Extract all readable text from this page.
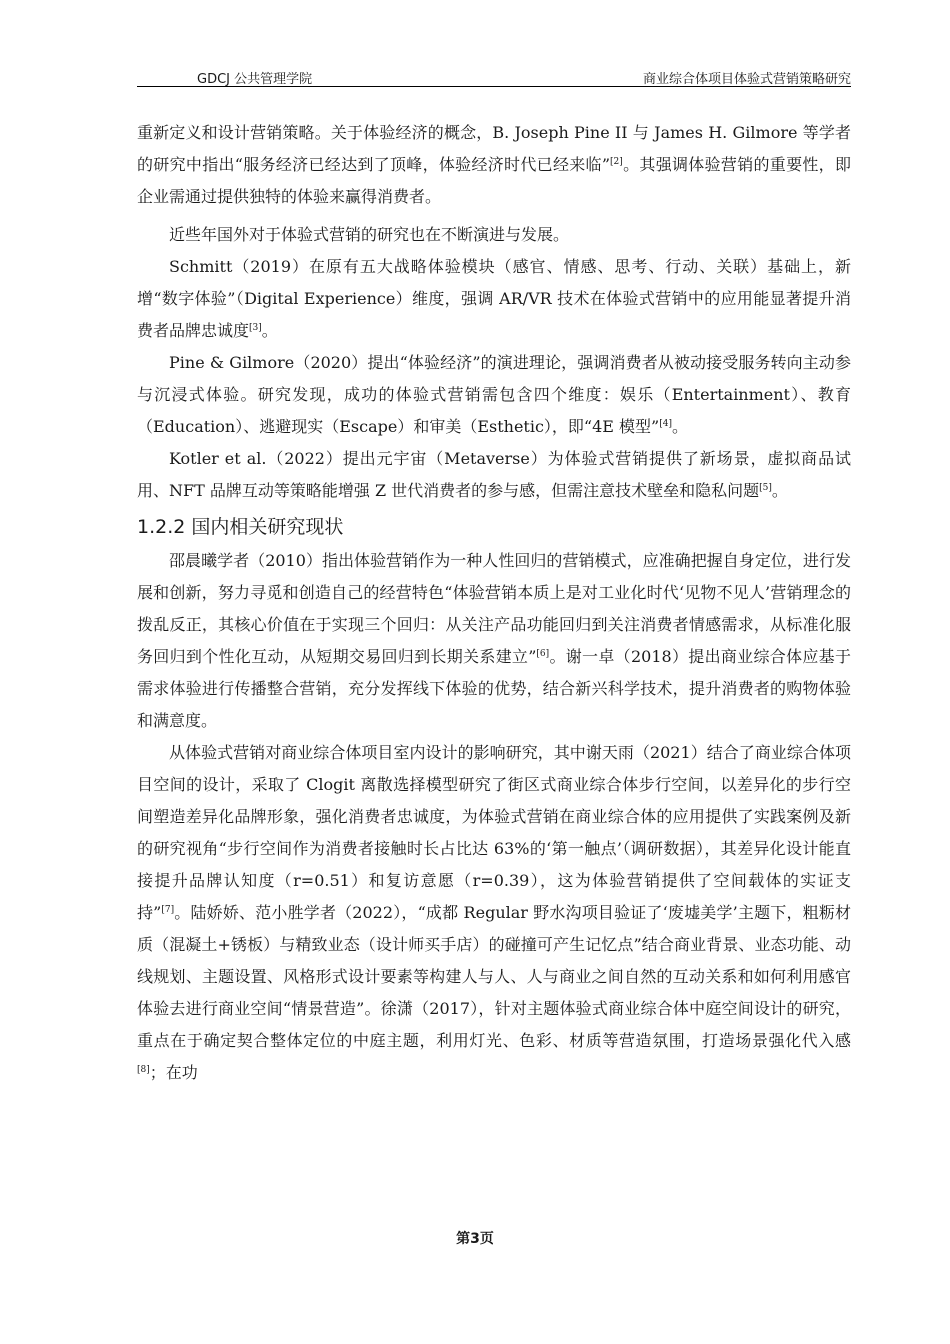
GDCJ 公共管理学院	商业综合体项目体验式营销策略研究

重新定义和设计营销策略。关于体验经济的概念，B. Joseph Pine II 与 James H. Gilmore 等学者的研究中指出“服务经济已经达到了顶峰，体验经济时代已经来临”[2]。其强调体验营销的重要性，即企业需通过提供独特的体验来赢得消费者。

近些年国外对于体验式营销的研究也在不断演进与发展。

Schmitt（2019）在原有五大战略体验模块（感官、情感、思考、行动、关联）基础上，新增“数字体验”（Digital Experience）维度，强调 AR/VR 技术在体验式营销中的应用能显著提升消费者品牌忠诚度[3]。

Pine & Gilmore（2020）提出“体验经济”的演进理论，强调消费者从被动接受服务转向主动参与沉浸式体验。研究发现，成功的体验式营销需包含四个维度：娱乐（Entertainment）、教育（Education）、逃避现实（Escape）和审美（Esthetic），即“4E 模型”[4]。

Kotler et al.（2022）提出元宇宙（Metaverse）为体验式营销提供了新场景，虚拟商品试用、NFT 品牌互动等策略能增强 Z 世代消费者的参与感，但需注意技术壁垒和隐私问题[5]。

1.2.2 国内相关研究现状

邵晨曦学者（2010）指出体验营销作为一种人性回归的营销模式，应准确把握自身定位，进行发展和创新，努力寻觅和创造自己的经营特色“体验营销本质上是对工业化时代‘见物不见人’营销理念的拨乱反正，其核心价值在于实现三个回归：从关注产品功能回归到关注消费者情感需求，从标准化服务回归到个性化互动，从短期交易回归到长期关系建立”[6]。谢一卓（2018）提出商业综合体应基于需求体验进行传播整合营销，充分发挥线下体验的优势，结合新兴科学技术，提升消费者的购物体验和满意度。

从体验式营销对商业综合体项目室内设计的影响研究，其中谢天雨（2021）结合了商业综合体项目空间的设计，采取了 Clogit 离散选择模型研究了街区式商业综合体步行空间，以差异化的步行空间塑造差异化品牌形象，强化消费者忠诚度，为体验式营销在商业综合体的应用提供了实践案例及新的研究视角“步行空间作为消费者接触时长占比达 63%的‘第一触点’（调研数据），其差异化设计能直接提升品牌认知度（r=0.51）和复访意愿（r=0.39），这为体验营销提供了空间载体的实证支持”[7]。陆娇娇、范小胜学者（2022），“成都 Regular 野水沟项目验证了‘废墟美学’主题下，粗粝材质（混凝土+锈板）与精致业态（设计师买手店）的碰撞可产生记忆点”结合商业背景、业态功能、动线规划、主题设置、风格形式设计要素等构建人与人、人与商业之间自然的互动关系和如何利用感官体验去进行商业空间“情景营造”。徐潇（2017），针对主题体验式商业综合体中庭空间设计的研究，重点在于确定契合整体定位的中庭主题，利用灯光、色彩、材质等营造氛围，打造场景强化代入感[8]；在功

第3页
